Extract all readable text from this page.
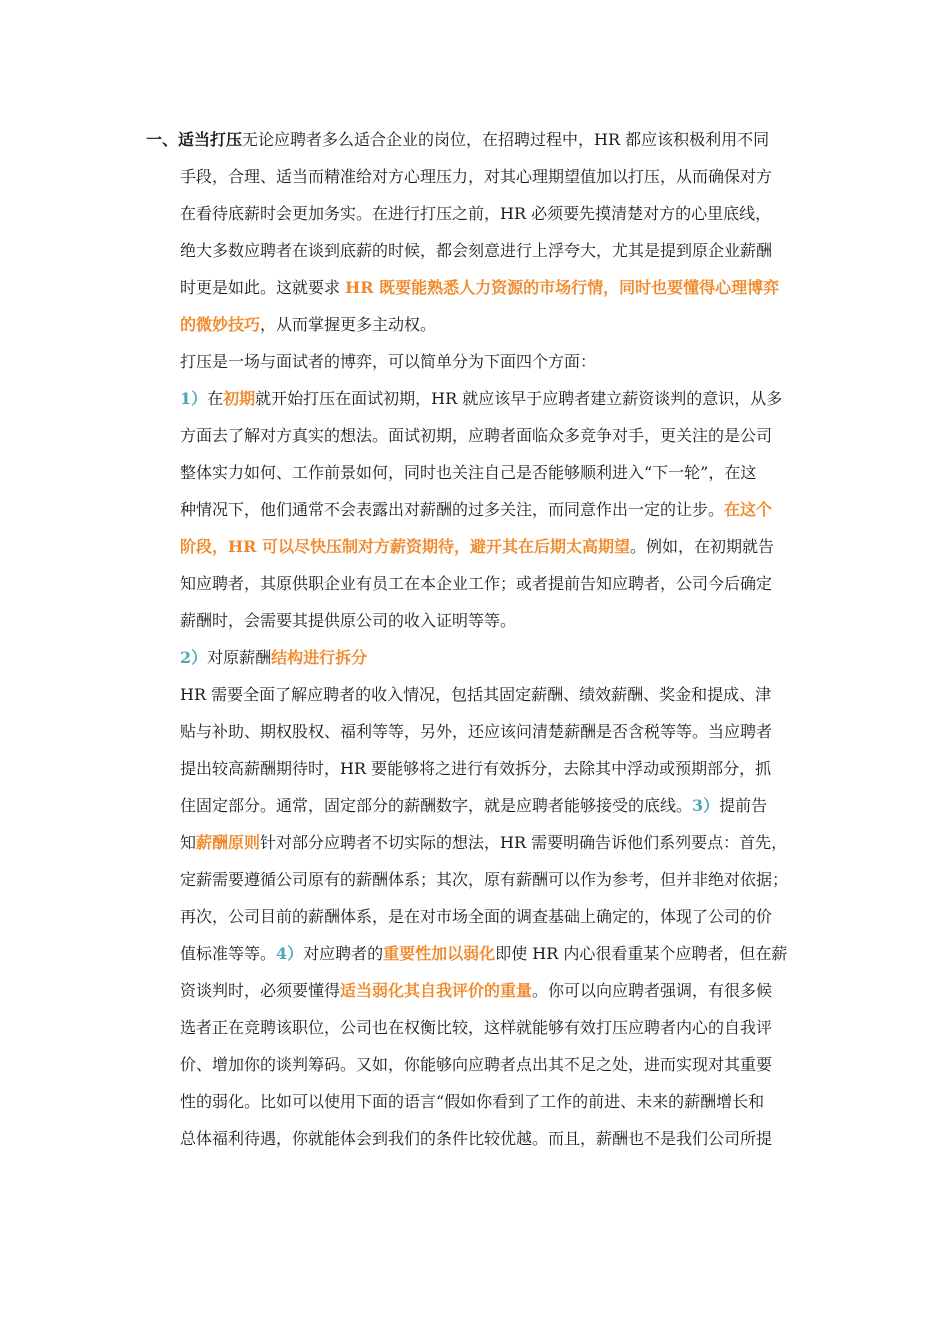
一、适当打压无论应聘者多么适合企业的岗位，在招聘过程中，HR 都应该积极利用不同
手段，合理、适当而精准给对方心理压力，对其心理期望值加以打压，从而确保对方
在看待底薪时会更加务实。在进行打压之前，HR 必须要先摸清楚对方的心里底线，
绝大多数应聘者在谈到底薪的时候，都会刻意进行上浮夸大，尤其是提到原企业薪酬
时更是如此。这就要求 HR 既要能熟悉人力资源的市场行情，同时也要懂得心理博弈
的微妙技巧，从而掌握更多主动权。
打压是一场与面试者的博弈，可以简单分为下面四个方面：
1）在初期就开始打压在面试初期，HR 就应该早于应聘者建立薪资谈判的意识，从多
方面去了解对方真实的想法。面试初期，应聘者面临众多竞争对手，更关注的是公司
整体实力如何、工作前景如何，同时也关注自己是否能够顺利进入“下一轮”，在这
种情况下，他们通常不会表露出对薪酬的过多关注，而同意作出一定的让步。在这个
阶段，HR 可以尽快压制对方薪资期待，避开其在后期太高期望。例如，在初期就告
知应聘者，其原供职企业有员工在本企业工作；或者提前告知应聘者，公司今后确定
薪酬时，会需要其提供原公司的收入证明等等。
2）对原薪酬结构进行拆分
HR 需要全面了解应聘者的收入情况，包括其固定薪酬、绩效薪酬、奖金和提成、津
贴与补助、期权股权、福利等等，另外，还应该问清楚薪酬是否含税等等。当应聘者
提出较高薪酬期待时，HR 要能够将之进行有效拆分，去除其中浮动或预期部分，抓
住固定部分。通常，固定部分的薪酬数字，就是应聘者能够接受的底线。3）提前告
知薪酬原则针对部分应聘者不切实际的想法，HR 需要明确告诉他们系列要点：首先，
定薪需要遵循公司原有的薪酬体系；其次，原有薪酬可以作为参考，但并非绝对依据；
再次，公司目前的薪酬体系，是在对市场全面的调查基础上确定的，体现了公司的价
值标准等等。4）对应聘者的重要性加以弱化即使 HR 内心很看重某个应聘者，但在薪
资谈判时，必须要懂得适当弱化其自我评价的重量。你可以向应聘者强调，有很多候
选者正在竞聘该职位，公司也在权衡比较，这样就能够有效打压应聘者内心的自我评
价、增加你的谈判筹码。又如，你能够向应聘者点出其不足之处，进而实现对其重要
性的弱化。比如可以使用下面的语言“假如你看到了工作的前进、未来的薪酬增长和
总体福利待遇，你就能体会到我们的条件比较优越。而且，薪酬也不是我们公司所提
